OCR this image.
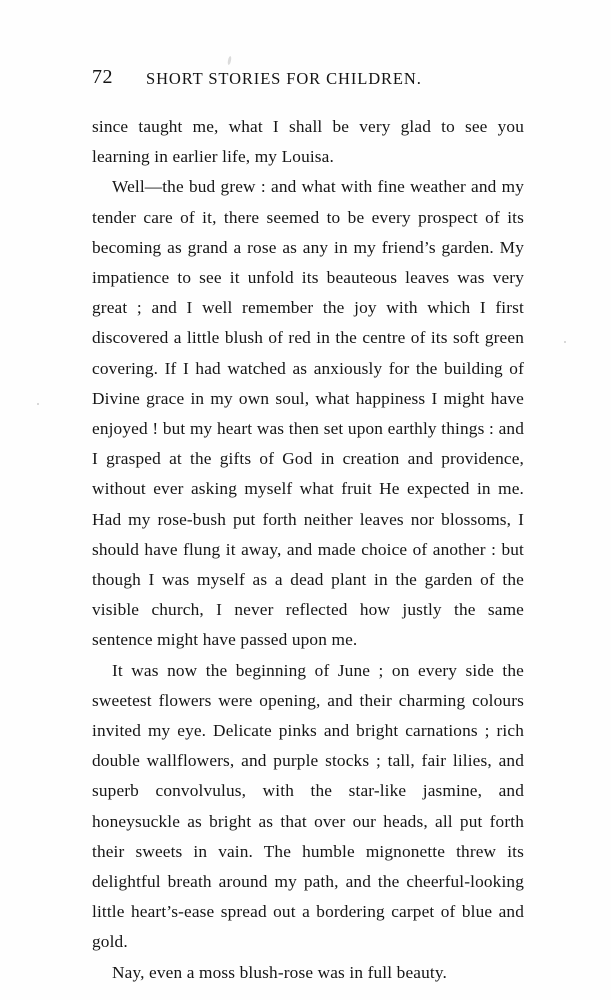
72 SHORT STORIES FOR CHILDREN.

since taught me, what I shall be very glad to see you learning in earlier life, my Louisa.

Well—the bud grew : and what with fine weather and my tender care of it, there seemed to be every prospect of its becoming as grand a rose as any in my friend’s garden. My impatience to see it unfold its beauteous leaves was very great ; and I well remember the joy with which I first discovered a little blush of red in the centre of its soft green covering. If I had watched as anxiously for the building of Divine grace in my own soul, what happiness I might have enjoyed ! but my heart was then set upon earthly things : and I grasped at the gifts of God in creation and providence, without ever asking myself what fruit He expected in me. Had my rose-bush put forth neither leaves nor blossoms, I should have flung it away, and made choice of another : but though I was myself as a dead plant in the garden of the visible church, I never reflected how justly the same sentence might have passed upon me.

It was now the beginning of June ; on every side the sweetest flowers were opening, and their charming colours invited my eye. Delicate pinks and bright carnations ; rich double wallflowers, and purple stocks ; tall, fair lilies, and superb convolvulus, with the star-like jasmine, and honeysuckle as bright as that over our heads, all put forth their sweets in vain. The humble mignonette threw its delightful breath around my path, and the cheerful-looking little heart’s-ease spread out a bordering carpet of blue and gold.

Nay, even a moss blush-rose was in full beauty.
